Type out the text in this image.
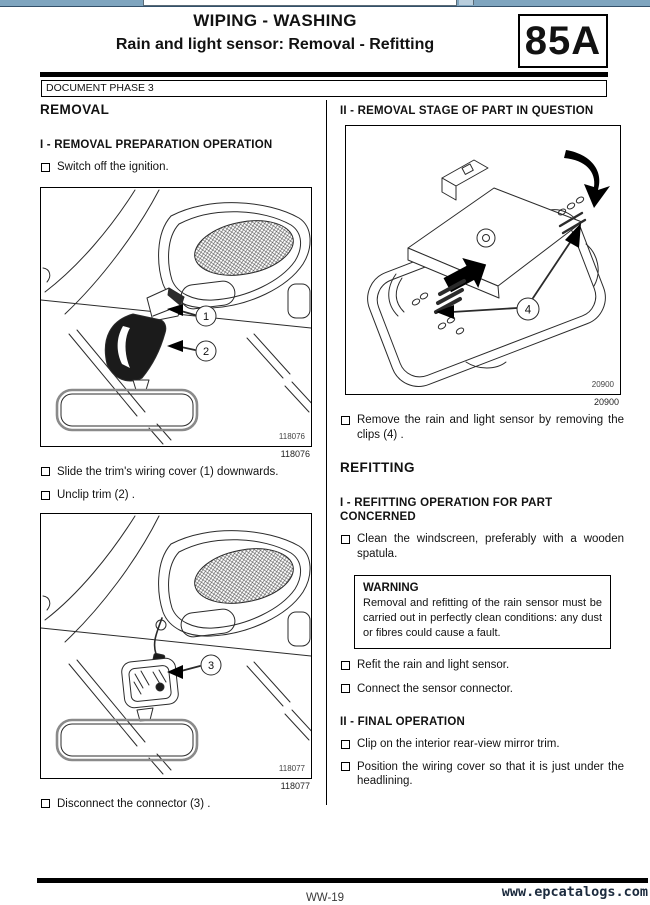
WIPING - WASHING
Rain and light sensor: Removal - Refitting	85A
DOCUMENT PHASE 3
REMOVAL
I - REMOVAL PREPARATION OPERATION
Switch off the ignition.
1
2
118076
118076
Slide the trim's wiring cover (1) downwards.
Unclip trim (2) .
3
118077
118077
Disconnect the connector (3) .
II - REMOVAL STAGE OF PART IN QUESTION
4
20900
20900
Remove the rain and light sensor by removing the clips (4) .
REFITTING
I - REFITTING OPERATION FOR PART CONCERNED
Clean the windscreen, preferably with a wooden spatula.
WARNING
Removal and refitting of the rain sensor must be carried out in perfectly clean conditions: any dust or fibres could cause a fault.
Refit the rain and light sensor.
Connect the sensor connector.
II - FINAL OPERATION
Clip on the interior rear-view mirror trim.
Position the wiring cover so that it is just under the headlining.
www.epcatalogs.com
WW-19
